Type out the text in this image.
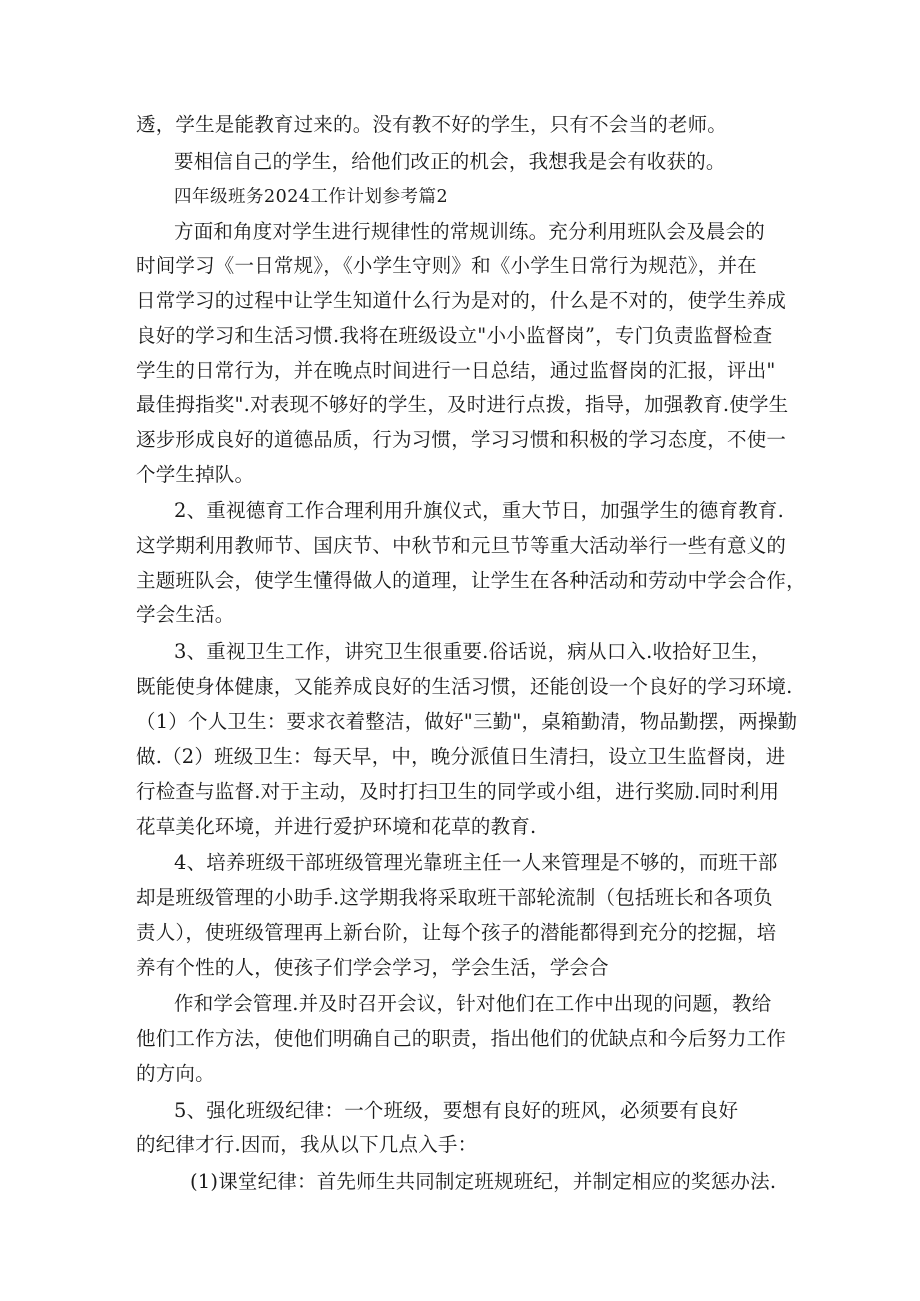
透，学生是能教育过来的。没有教不好的学生，只有不会当的老师。
要相信自己的学生，给他们改正的机会，我想我是会有收获的。
四年级班务2024工作计划参考篇2
方面和角度对学生进行规律性的常规训练。充分利用班队会及晨会的
时间学习《一日常规》，《小学生守则》和《小学生日常行为规范》，并在
日常学习的过程中让学生知道什么行为是对的，什么是不对的，使学生养成
良好的学习和生活习惯.我将在班级设立"小小监督岗”，专门负责监督检查
学生的日常行为，并在晚点时间进行一日总结，通过监督岗的汇报，评出"
最佳拇指奖".对表现不够好的学生，及时进行点拨，指导，加强教育.使学生
逐步形成良好的道德品质，行为习惯，学习习惯和积极的学习态度，不使一
个学生掉队。
2、重视德育工作合理利用升旗仪式，重大节日，加强学生的德育教育.
这学期利用教师节、国庆节、中秋节和元旦节等重大活动举行一些有意义的
主题班队会，使学生懂得做人的道理，让学生在各种活动和劳动中学会合作，
学会生活。
3、重视卫生工作，讲究卫生很重要.俗话说，病从口入.收拾好卫生，
既能使身体健康，又能养成良好的生活习惯，还能创设一个良好的学习环境.
（1）个人卫生：要求衣着整洁，做好"三勤"，桌箱勤清，物品勤摆，两操勤
做.（2）班级卫生：每天早，中，晚分派值日生清扫，设立卫生监督岗，进
行检查与监督.对于主动，及时打扫卫生的同学或小组，进行奖励.同时利用
花草美化环境，并进行爱护环境和花草的教育.
4、培养班级干部班级管理光靠班主任一人来管理是不够的，而班干部
却是班级管理的小助手.这学期我将采取班干部轮流制（包括班长和各项负
责人），使班级管理再上新台阶，让每个孩子的潜能都得到充分的挖掘，培
养有个性的人，使孩子们学会学习，学会生活，学会合
作和学会管理.并及时召开会议，针对他们在工作中出现的问题，教给
他们工作方法，使他们明确自己的职责，指出他们的优缺点和今后努力工作
的方向。
5、强化班级纪律：一个班级，要想有良好的班风，必须要有良好
的纪律才行.因而，我从以下几点入手：
(1)课堂纪律：首先师生共同制定班规班纪，并制定相应的奖惩办法.
